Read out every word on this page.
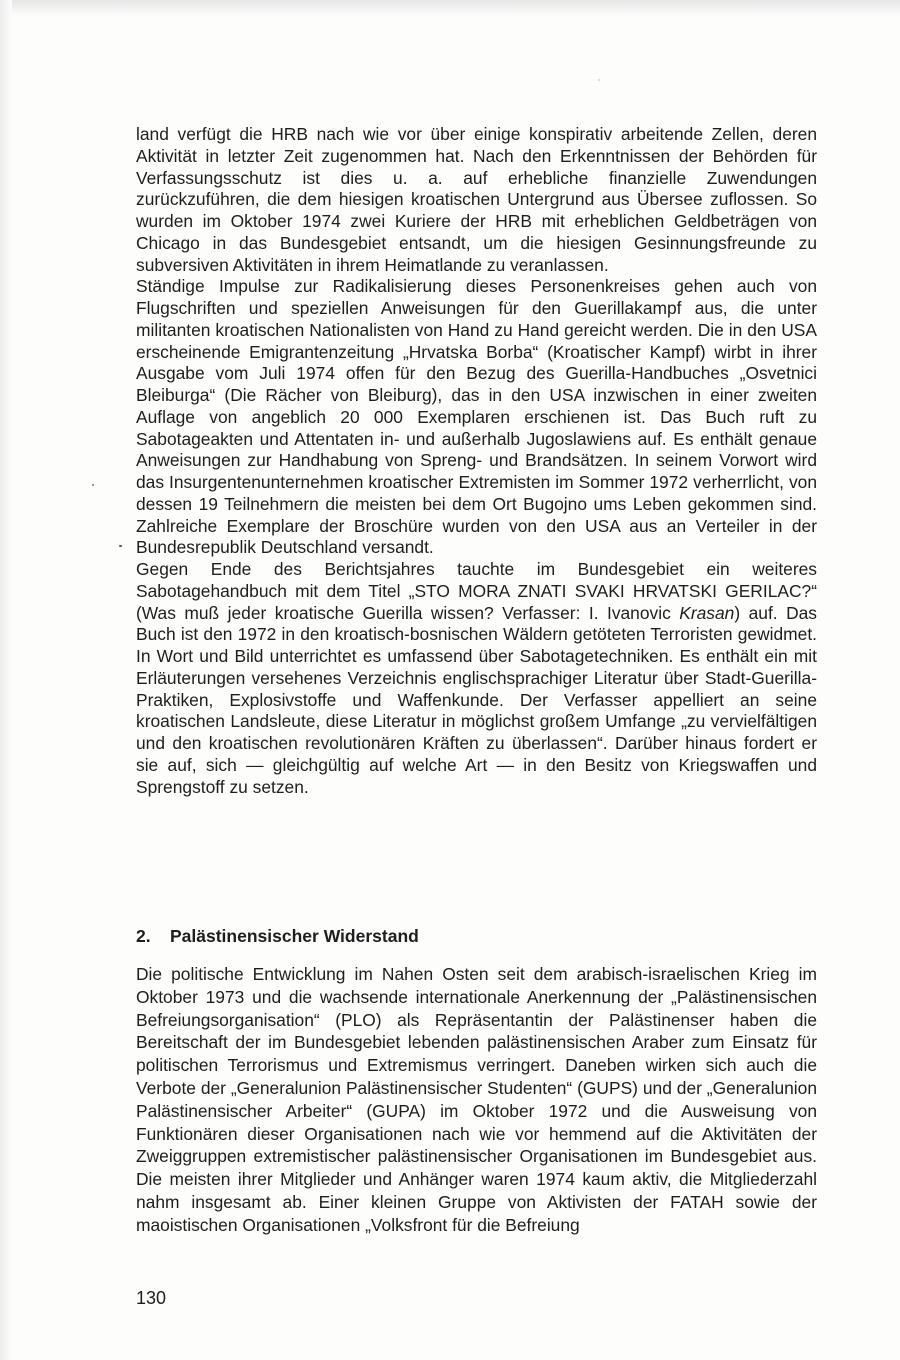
land verfügt die HRB nach wie vor über einige konspirativ arbeitende Zellen, deren Aktivität in letzter Zeit zugenommen hat. Nach den Erkenntnissen der Behörden für Verfassungsschutz ist dies u. a. auf erhebliche finanzielle Zuwendungen zurückzuführen, die dem hiesigen kroatischen Untergrund aus Übersee zuflossen. So wurden im Oktober 1974 zwei Kuriere der HRB mit erheblichen Geldbeträgen von Chicago in das Bundesgebiet entsandt, um die hiesigen Gesinnungsfreunde zu subversiven Aktivitäten in ihrem Heimatlande zu veranlassen.

Ständige Impulse zur Radikalisierung dieses Personenkreises gehen auch von Flugschriften und speziellen Anweisungen für den Guerillakampf aus, die unter militanten kroatischen Nationalisten von Hand zu Hand gereicht werden. Die in den USA erscheinende Emigrantenzeitung „Hrvatska Borba“ (Kroatischer Kampf) wirbt in ihrer Ausgabe vom Juli 1974 offen für den Bezug des Guerilla-Handbuches „Osvetnici Bleiburga“ (Die Rächer von Bleiburg), das in den USA inzwischen in einer zweiten Auflage von angeblich 20 000 Exemplaren erschienen ist. Das Buch ruft zu Sabotageakten und Attentaten in- und außerhalb Jugoslawiens auf. Es enthält genaue Anweisungen zur Handhabung von Spreng- und Brandsätzen. In seinem Vorwort wird das Insurgentenunternehmen kroatischer Extremisten im Sommer 1972 verherrlicht, von dessen 19 Teilnehmern die meisten bei dem Ort Bugojno ums Leben gekommen sind. Zahlreiche Exemplare der Broschüre wurden von den USA aus an Verteiler in der Bundesrepublik Deutschland versandt.

Gegen Ende des Berichtsjahres tauchte im Bundesgebiet ein weiteres Sabotagehandbuch mit dem Titel „STO MORA ZNATI SVAKI HRVATSKI GERILAC?“ (Was muß jeder kroatische Guerilla wissen? Verfasser: I. Ivanovic Krasan) auf. Das Buch ist den 1972 in den kroatisch-bosnischen Wäldern getöteten Terroristen gewidmet. In Wort und Bild unterrichtet es umfassend über Sabotagetechniken. Es enthält ein mit Erläuterungen versehenes Verzeichnis englischsprachiger Literatur über Stadt-Guerilla-Praktiken, Explosivstoffe und Waffenkunde. Der Verfasser appelliert an seine kroatischen Landsleute, diese Literatur in möglichst großem Umfange „zu vervielfältigen und den kroatischen revolutionären Kräften zu überlassen“. Darüber hinaus fordert er sie auf, sich — gleichgültig auf welche Art — in den Besitz von Kriegswaffen und Sprengstoff zu setzen.

2. Palästinensischer Widerstand

Die politische Entwicklung im Nahen Osten seit dem arabisch-israelischen Krieg im Oktober 1973 und die wachsende internationale Anerkennung der „Palästinensischen Befreiungsorganisation“ (PLO) als Repräsentantin der Palästinenser haben die Bereitschaft der im Bundesgebiet lebenden palästinensischen Araber zum Einsatz für politischen Terrorismus und Extremismus verringert. Daneben wirken sich auch die Verbote der „Generalunion Palästinensischer Studenten“ (GUPS) und der „Generalunion Palästinensischer Arbeiter“ (GUPA) im Oktober 1972 und die Ausweisung von Funktionären dieser Organisationen nach wie vor hemmend auf die Aktivitäten der Zweiggruppen extremistischer palästinensischer Organisationen im Bundesgebiet aus. Die meisten ihrer Mitglieder und Anhänger waren 1974 kaum aktiv, die Mitgliederzahl nahm insgesamt ab. Einer kleinen Gruppe von Aktivisten der FATAH sowie der maoistischen Organisationen „Volksfront für die Befreiung

130
